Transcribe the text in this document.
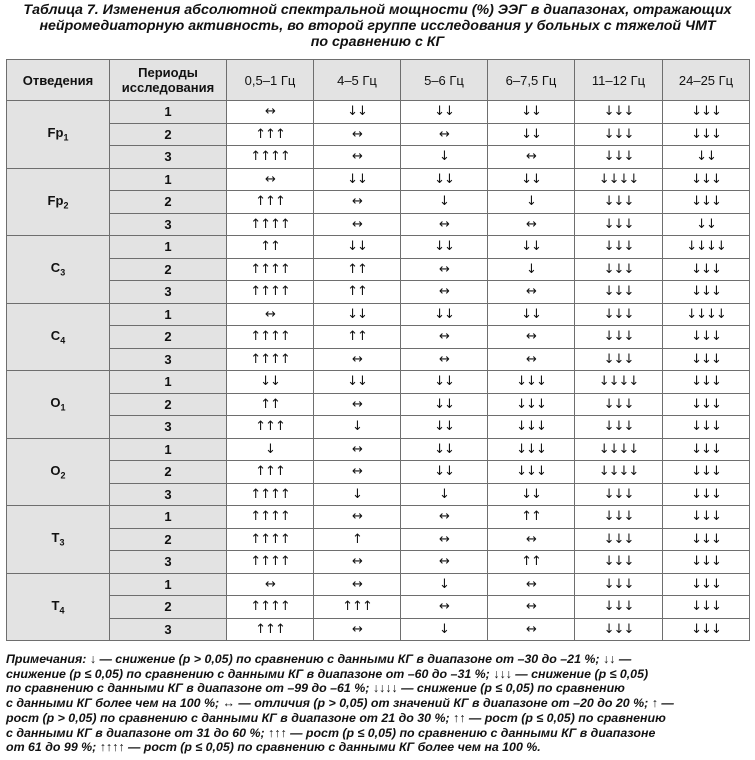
Таблица 7. Изменения абсолютной спектральной мощности (%) ЭЭГ в диапазонах, отражающих
нейромедиаторную активность, во второй группе исследования у больных с тяжелой ЧМТ
по сравнению с КГ
Отведения	Периоды исследования	0,5–1 Гц	4–5 Гц	5–6 Гц	6–7,5 Гц	11–12 Гц	24–25 Гц
$Fp_1$	1	↔	↓↓	↓↓	↓↓	↓↓↓	↓↓↓
	2	↑↑↑	↔	↔	↓↓	↓↓↓	↓↓↓
	3	↑↑↑↑	↔	↓	↔	↓↓↓	↓↓
$Fp_2$	1	↔	↓↓	↓↓	↓↓	↓↓↓↓	↓↓↓
	2	↑↑↑	↔	↓	↓	↓↓↓	↓↓↓
	3	↑↑↑↑	↔	↔	↔	↓↓↓	↓↓
$C_3$	1	↑↑	↓↓	↓↓	↓↓	↓↓↓	↓↓↓↓
	2	↑↑↑↑	↑↑	↔	↓	↓↓↓	↓↓↓
	3	↑↑↑↑	↑↑	↔	↔	↓↓↓	↓↓↓
$C_4$	1	↔	↓↓	↓↓	↓↓	↓↓↓	↓↓↓↓
	2	↑↑↑↑	↑↑	↔	↔	↓↓↓	↓↓↓
	3	↑↑↑↑	↔	↔	↔	↓↓↓	↓↓↓
$O_1$	1	↓↓	↓↓	↓↓	↓↓↓	↓↓↓↓	↓↓↓
	2	↑↑	↔	↓↓	↓↓↓	↓↓↓	↓↓↓
	3	↑↑↑	↓	↓↓	↓↓↓	↓↓↓	↓↓↓
$O_2$	1	↓	↔	↓↓	↓↓↓	↓↓↓↓	↓↓↓
	2	↑↑↑	↔	↓↓	↓↓↓	↓↓↓↓	↓↓↓
	3	↑↑↑↑	↓	↓	↓↓	↓↓↓	↓↓↓
$T_3$	1	↑↑↑↑	↔	↔	↑↑	↓↓↓	↓↓↓
	2	↑↑↑↑	↑	↔	↔	↓↓↓	↓↓↓
	3	↑↑↑↑	↔	↔	↑↑	↓↓↓	↓↓↓
$T_4$	1	↔	↔	↓	↔	↓↓↓	↓↓↓
	2	↑↑↑↑	↑↑↑	↔	↔	↓↓↓	↓↓↓
	3	↑↑↑	↔	↓	↔	↓↓↓	↓↓↓
Примечания: ↓ — снижение (p > 0,05) по сравнению с данными КГ в диапазоне от –30 до –21 %; ↓↓ —
снижение (p ≤ 0,05) по сравнению с данными КГ в диапазоне от –60 до –31 %; ↓↓↓ — снижение (p ≤ 0,05)
по сравнению с данными КГ в диапазоне от –99 до –61 %; ↓↓↓↓ — снижение (p ≤ 0,05) по сравнению
с данными КГ более чем на 100 %; ↔ — отличия (p > 0,05) от значений КГ в диапазоне от –20 до 20 %; ↑ —
рост (p > 0,05) по сравнению с данными КГ в диапазоне от 21 до 30 %; ↑↑ — рост (p ≤ 0,05) по сравнению
с данными КГ в диапазоне от 31 до 60 %; ↑↑↑ — рост (p ≤ 0,05) по сравнению с данными КГ в диапазоне
от 61 до 99 %; ↑↑↑↑ — рост (p ≤ 0,05) по сравнению с данными КГ более чем на 100 %.
